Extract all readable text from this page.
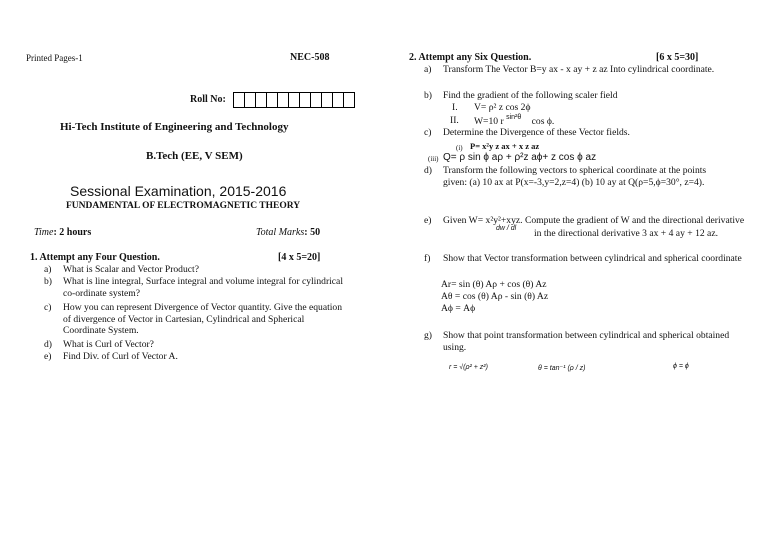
Printed Pages-1	NEC-508
Roll No:
Hi-Tech Institute of Engineering and Technology
B.Tech (EE, V SEM)
Sessional Examination, 2015-2016
FUNDAMENTAL OF ELECTROMAGNETIC THEORY
Time: 2 hours	Total Marks: 50
1. Attempt any Four Question.	[4 x 5=20]
a) What is Scalar and Vector Product?
b) What is line integral, Surface integral and volume integral for cylindrical co-ordinate system?
c) How you can represent Divergence of Vector quantity. Give the equation of divergence of Vector in Cartesian, Cylindrical and Spherical Coordinate System.
d) What is Curl of Vector?
e) Find Div. of Curl of Vector A.
2. Attempt any Six Question.	[6 x 5=30]
a) Transform The Vector B=y ax - x ay + z az Into cylindrical coordinate.
b) Find the gradient of the following scaler field
I. V= ρ² z cos 2ϕ
II. W=10 r $^{sin^2\theta}$ cos ϕ.
c) Determine the Divergence of these Vector fields.
(i) P= x²y z ax + x z az
(iii) Q= ρ sin ϕ aρ + ρ²z aϕ+ z cos ϕ az
d) Transform the following vectors to spherical coordinate at the points given: (a) 10 ax at P(x=-3,y=2,z=4) (b) 10 ay at Q(ρ=5,ϕ=30°, z=4).
e) Given W= x²y²+xyz. Compute the gradient of W and the directional derivative
dw / dl in the directional derivative 3 ax + 4 ay + 12 az.
f) Show that Vector transformation between cylindrical and spherical coordinate
Ar= sin (θ) Aρ + cos (θ) Az
Aθ = cos (θ) Aρ - sin (θ) Az
Aϕ = Aϕ
g) Show that point transformation between cylindrical and spherical obtained using.
r = √(ρ² + z²)	θ = tan⁻¹ (ρ / z)	ϕ = ϕ
